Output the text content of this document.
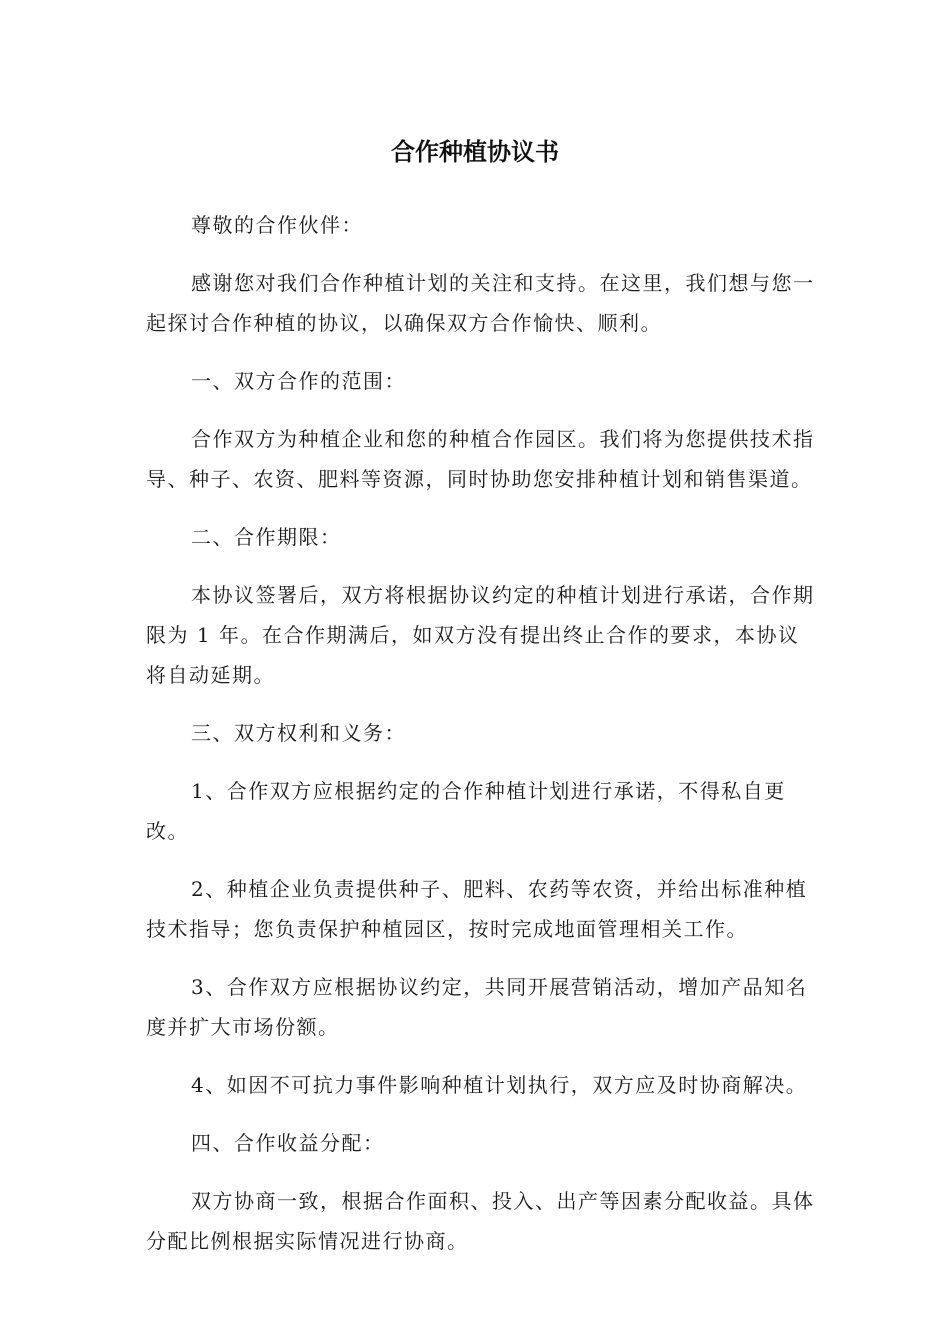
合作种植协议书

尊敬的合作伙伴：

感谢您对我们合作种植计划的关注和支持。在这里，我们想与您一起探讨合作种植的协议，以确保双方合作愉快、顺利。

一、双方合作的范围：

合作双方为种植企业和您的种植合作园区。我们将为您提供技术指导、种子、农资、肥料等资源，同时协助您安排种植计划和销售渠道。

二、合作期限：

本协议签署后，双方将根据协议约定的种植计划进行承诺，合作期限为 1 年。在合作期满后，如双方没有提出终止合作的要求，本协议将自动延期。

三、双方权利和义务：

1、合作双方应根据约定的合作种植计划进行承诺，不得私自更改。

2、种植企业负责提供种子、肥料、农药等农资，并给出标准种植技术指导；您负责保护种植园区，按时完成地面管理相关工作。

3、合作双方应根据协议约定，共同开展营销活动，增加产品知名度并扩大市场份额。

4、如因不可抗力事件影响种植计划执行，双方应及时协商解决。

四、合作收益分配：

双方协商一致，根据合作面积、投入、出产等因素分配收益。具体分配比例根据实际情况进行协商。
